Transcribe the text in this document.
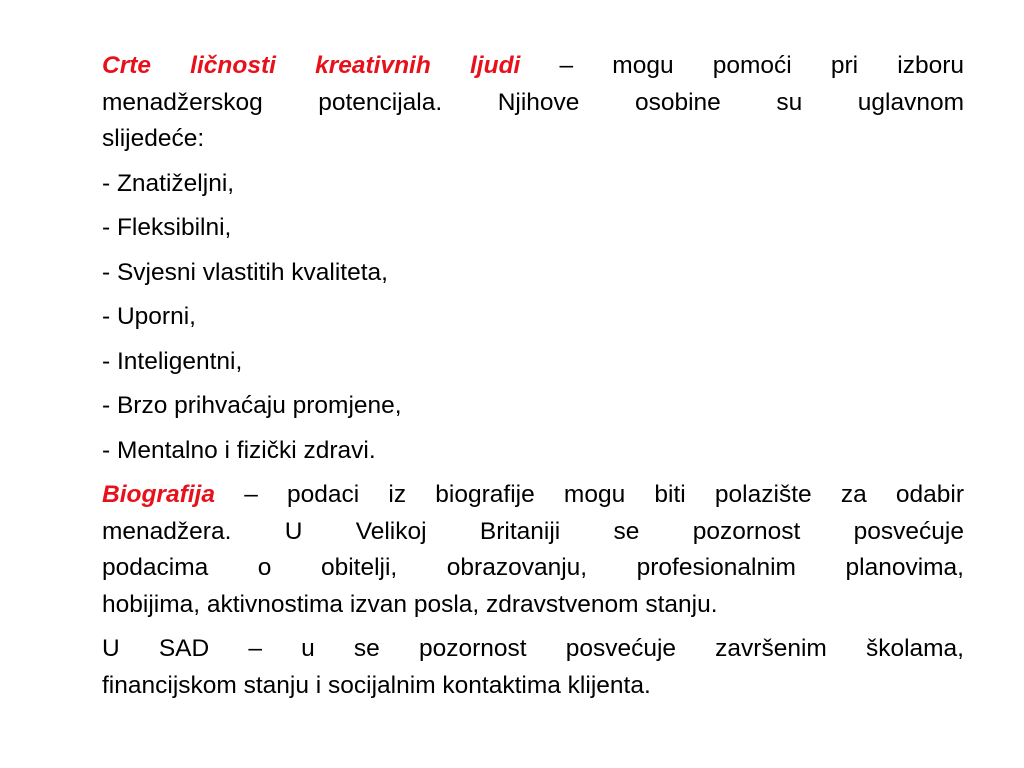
Crte ličnosti kreativnih ljudi – mogu pomoći pri izboru
menadžerskog potencijala. Njihove osobine su uglavnom
slijedeće:
- Znatiželjni,
- Fleksibilni,
- Svjesni vlastitih kvaliteta,
- Uporni,
- Inteligentni,
- Brzo prihvaćaju promjene,
- Mentalno i fizički zdravi.
Biografija – podaci iz biografije mogu biti polazište za odabir
menadžera. U Velikoj Britaniji se pozornost posvećuje
podacima o obitelji, obrazovanju, profesionalnim planovima,
hobijima, aktivnostima izvan posla, zdravstvenom stanju.
U SAD – u se pozornost posvećuje završenim školama,
financijskom stanju i socijalnim kontaktima klijenta.
